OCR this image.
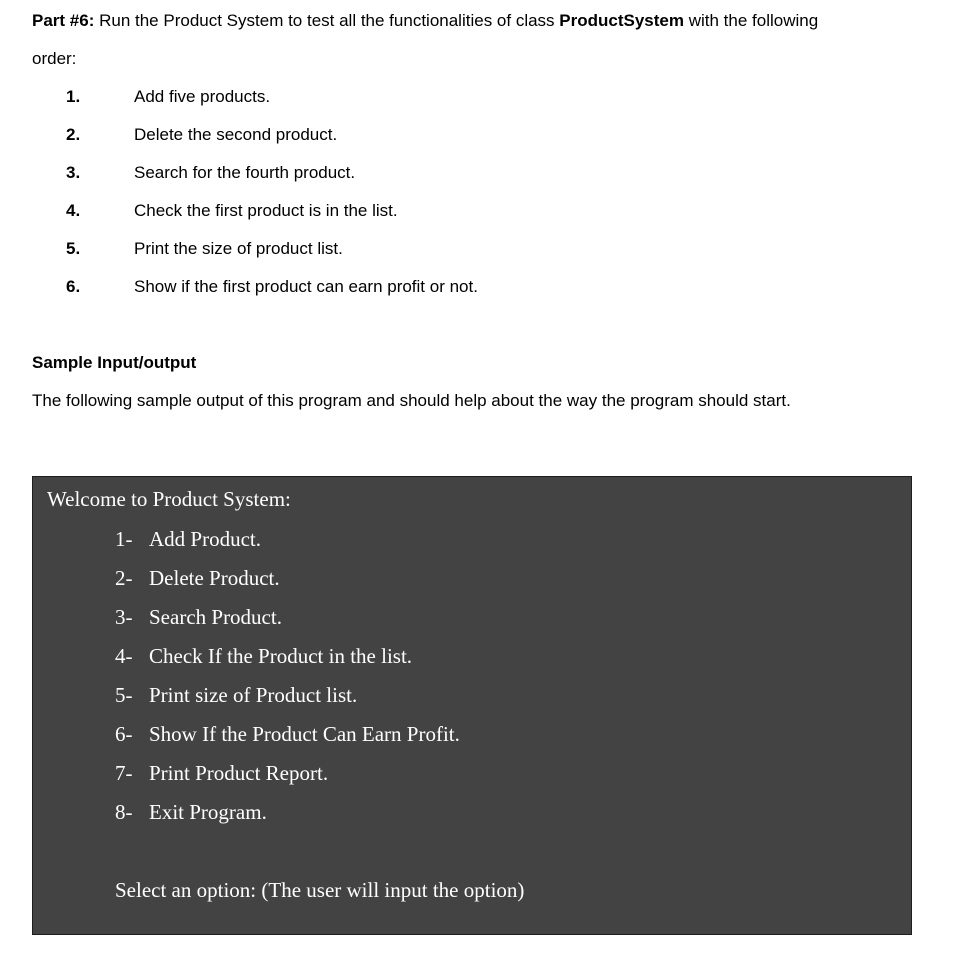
Part #6: Run the Product System to test all the functionalities of class ProductSystem with the following
order:
1.	Add five products.
2.	Delete the second product.
3.	Search for the fourth product.
4.	Check the first product is in the list.
5.	Print the size of product list.
6.	Show if the first product can earn profit or not.
Sample Input/output
The following sample output of this program and should help about the way the program should start.
Welcome to Product System:
1- Add Product.
2- Delete Product.
3- Search Product.
4- Check If the Product in the list.
5- Print size of Product list.
6- Show If the Product Can Earn Profit.
7- Print Product Report.
8- Exit Program.
Select an option: (The user will input the option)
